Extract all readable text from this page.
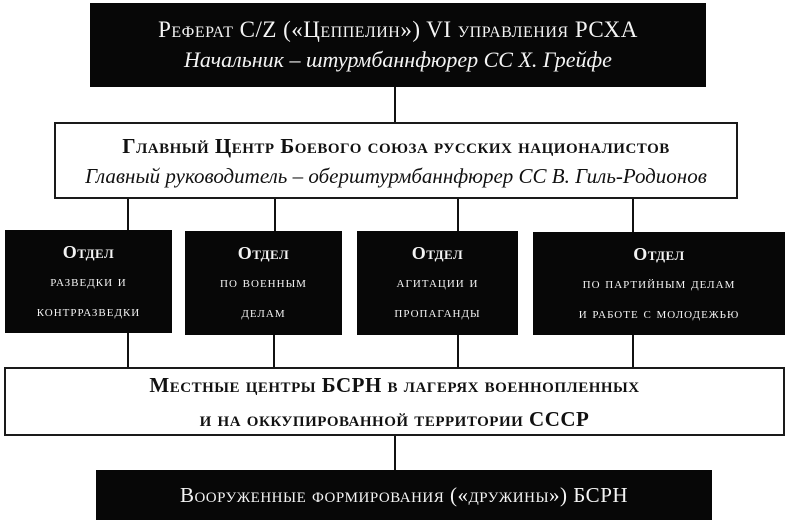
Реферат C/Z («Цеппелин») VI управления РСХА
Начальник – штурмбаннфюрер СС Х. Грейфе
Главный Центр Боевого союза русских националистов
Главный руководитель – оберштурмбаннфюрер СС В. Гиль-Родионов
Отдел
разведки и
контрразведки
Отдел
по военным
делам
Отдел
агитации и
пропаганды
Отдел
по партийным делам
и работе с молодежью
Местные центры БСРН в лагерях военнопленных
и на оккупированной территории СССР
Вооруженные формирования («дружины») БСРН
